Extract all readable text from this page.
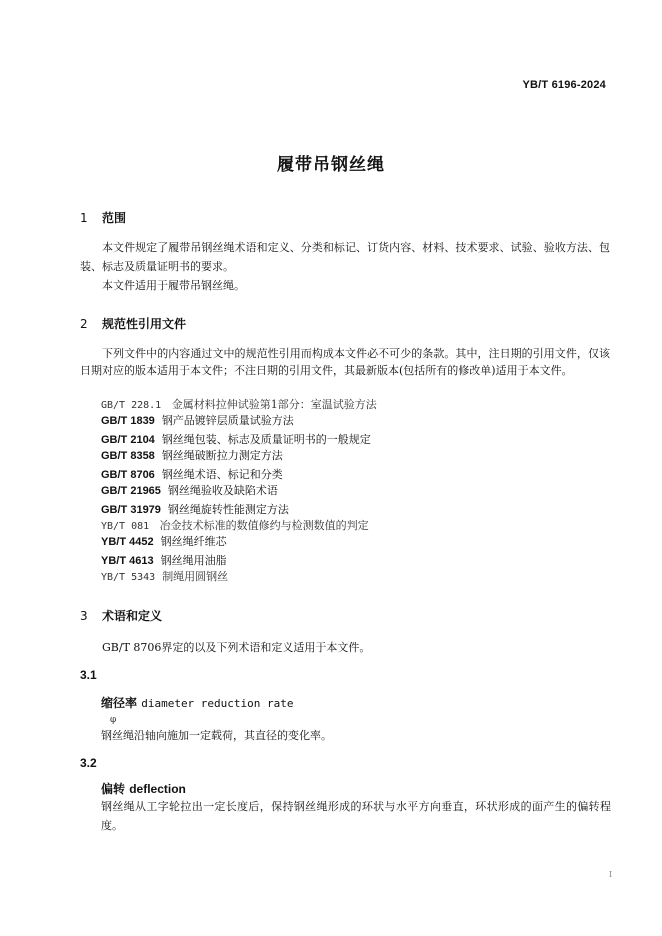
YB/T 6196-2024
履带吊钢丝绳
1 范围
本文件规定了履带吊钢丝绳术语和定义、分类和标记、订货内容、材料、技术要求、试验、验收方法、包装、标志及质量证明书的要求。
本文件适用于履带吊钢丝绳。
2 规范性引用文件
下列文件中的内容通过文中的规范性引用而构成本文件必不可少的条款。其中，注日期的引用文件，仅该日期对应的版本适用于本文件；不注日期的引用文件，其最新版本(包括所有的修改单)适用于本文件。
GB/T 228.1 金属材料拉伸试验第1部分：室温试验方法
GB/T 1839 钢产品镀锌层质量试验方法
GB/T 2104 钢丝绳包装、标志及质量证明书的一般规定
GB/T 8358 钢丝绳破断拉力测定方法
GB/T 8706 钢丝绳术语、标记和分类
GB/T 21965 钢丝绳验收及缺陷术语
GB/T 31979 钢丝绳旋转性能测定方法
YB/T 081 冶金技术标准的数值修约与检测数值的判定
YB/T 4452 钢丝绳纤维芯
YB/T 4613 钢丝绳用油脂
YB/T 5343 制绳用圆钢丝
3 术语和定义
GB/T 8706界定的以及下列术语和定义适用于本文件。
3.1
缩径率 diameter reduction rate
φ
钢丝绳沿轴向施加一定载荷，其直径的变化率。
3.2
偏转 deflection
钢丝绳从工字轮拉出一定长度后，保持钢丝绳形成的环状与水平方向垂直，环状形成的面产生的偏转程度。
I
